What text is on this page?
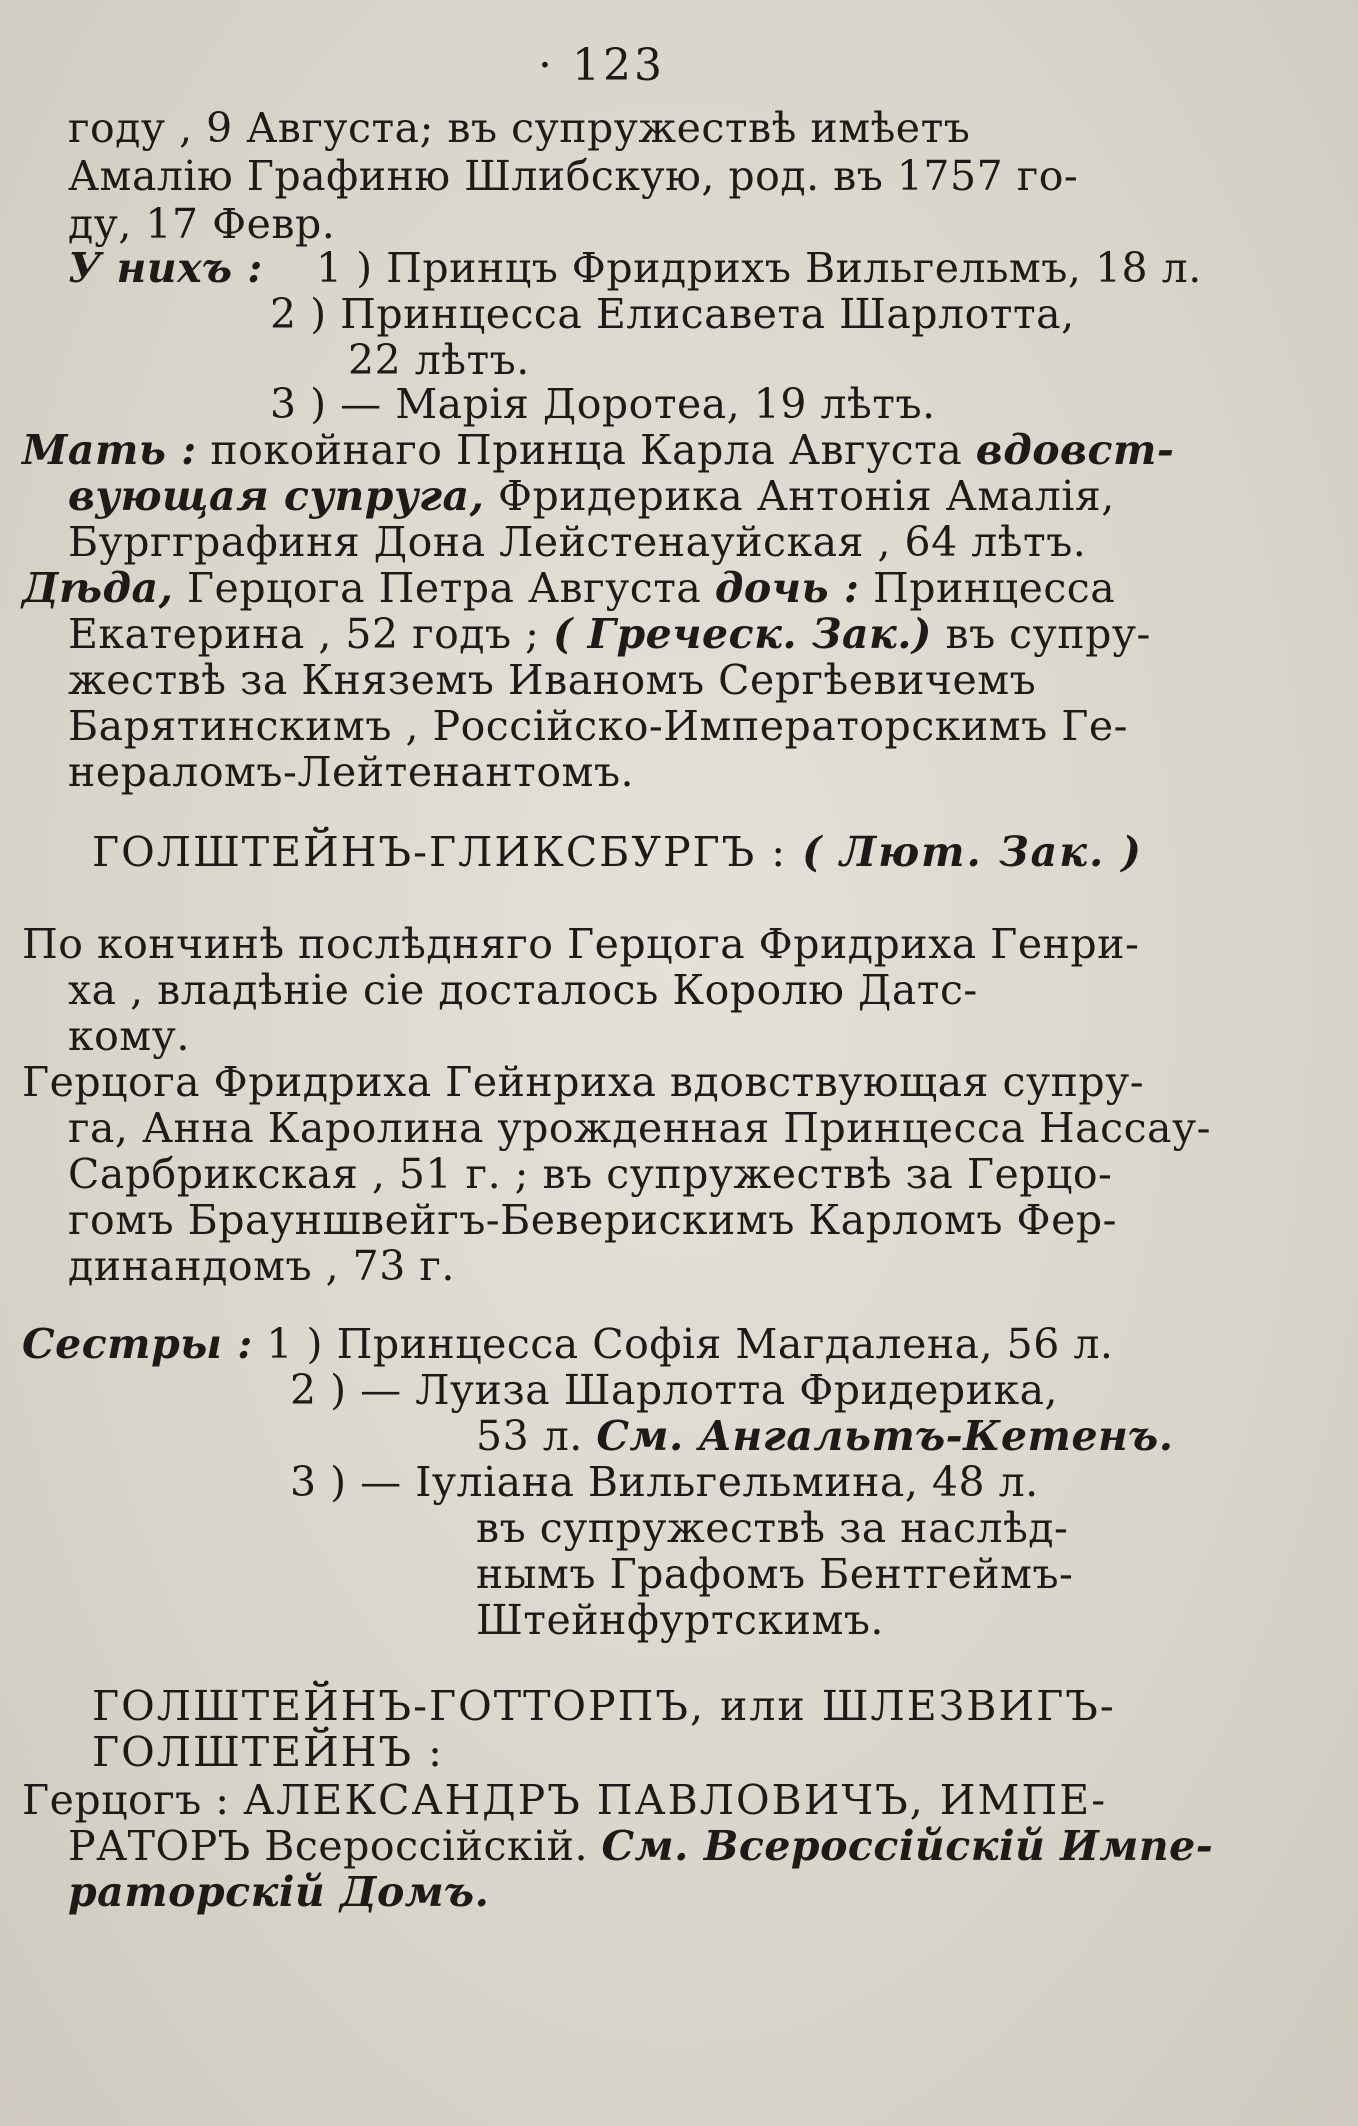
· 123
году , 9 Августа; въ супружествѣ имѣетъ
Амалію Графиню Шлибскую, род. въ 1757 го-
ду, 17 Февр.
У нихъ : 1 ) Принцъ Фридрихъ Вильгельмъ, 18 л.
2 ) Принцесса Елисавета Шарлотта,
22 лѣтъ.
3 ) — Марія Доротеа, 19 лѣтъ.
Мать : покойнаго Принца Карла Августа вдовст-
вующая супруга, Фридерика Антонія Амалія,
Бургграфиня Дона Лейстенауйская , 64 лѣтъ.
Дѣда, Герцога Петра Августа дочь : Принцесса
Екатерина , 52 годъ ; ( Греческ. Зак.) въ супру-
жествѣ за Княземъ Иваномъ Сергѣевичемъ
Барятинскимъ , Россійско-Императорскимъ Ге-
нераломъ-Лейтенантомъ.
ГОЛШТЕЙНЪ-ГЛИКСБУРГЪ : ( Лют. Зак. )
По кончинѣ послѣдняго Герцога Фридриха Генри-
ха , владѣніе сіе досталось Королю Датс-
кому.
Герцога Фридриха Гейнриха вдовствующая супру-
га, Анна Каролина урожденная Принцесса Нассау-
Сарбрикская , 51 г. ; въ супружествѣ за Герцо-
гомъ Брауншвейгъ-Беверискимъ Карломъ Фер-
динандомъ , 73 г.
Сестры : 1 ) Принцесса Софія Магдалена, 56 л.
2 ) — Луиза Шарлотта Фридерика,
53 л. См. Ангальтъ-Кетенъ.
3 ) — Іуліана Вильгельмина, 48 л.
въ супружествѣ за наслѣд-
нымъ Графомъ Бентгеймъ-
Штейнфуртскимъ.
ГОЛШТЕЙНЪ-ГОТТОРПЪ, или ШЛЕЗВИГЪ-
ГОЛШТЕЙНЪ :
Герцогъ : АЛЕКСАНДРЪ ПАВЛОВИЧЪ, ИМПЕ-
РАТОРЪ Всероссійскій. См. Всероссійскій Импе-
раторскій Домъ.
